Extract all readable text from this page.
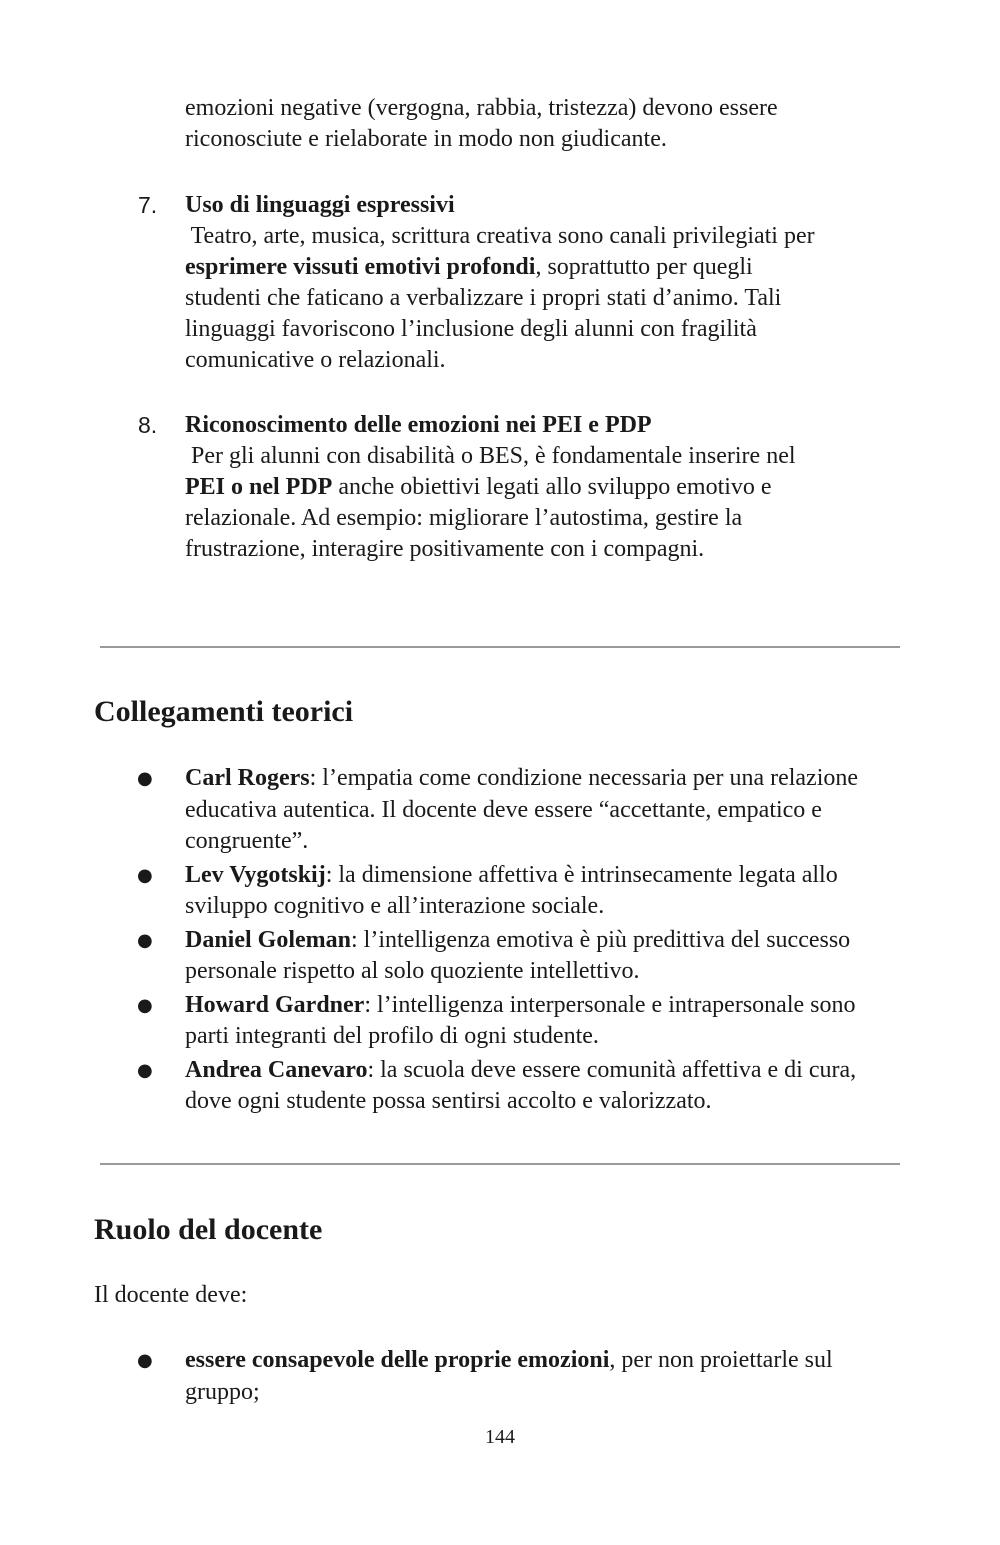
emozioni negative (vergogna, rabbia, tristezza) devono essere
riconosciute e rielaborate in modo non giudicante.
7. Uso di linguaggi espressivi
Teatro, arte, musica, scrittura creativa sono canali privilegiati per
esprimere vissuti emotivi profondi, soprattutto per quegli
studenti che faticano a verbalizzare i propri stati d’animo. Tali
linguaggi favoriscono l’inclusione degli alunni con fragilità
comunicative o relazionali.
8. Riconoscimento delle emozioni nei PEI e PDP
Per gli alunni con disabilità o BES, è fondamentale inserire nel
PEI o nel PDP anche obiettivi legati allo sviluppo emotivo e
relazionale. Ad esempio: migliorare l’autostima, gestire la
frustrazione, interagire positivamente con i compagni.
Collegamenti teorici
● Carl Rogers: l’empatia come condizione necessaria per una relazione educativa autentica. Il docente deve essere “accettante, empatico e congruente”.
● Lev Vygotskij: la dimensione affettiva è intrinsecamente legata allo sviluppo cognitivo e all’interazione sociale.
● Daniel Goleman: l’intelligenza emotiva è più predittiva del successo personale rispetto al solo quoziente intellettivo.
● Howard Gardner: l’intelligenza interpersonale e intrapersonale sono parti integranti del profilo di ogni studente.
● Andrea Canevaro: la scuola deve essere comunità affettiva e di cura, dove ogni studente possa sentirsi accolto e valorizzato.
Ruolo del docente

Il docente deve:

● essere consapevole delle proprie emozioni, per non proiettarle sul gruppo;
144
